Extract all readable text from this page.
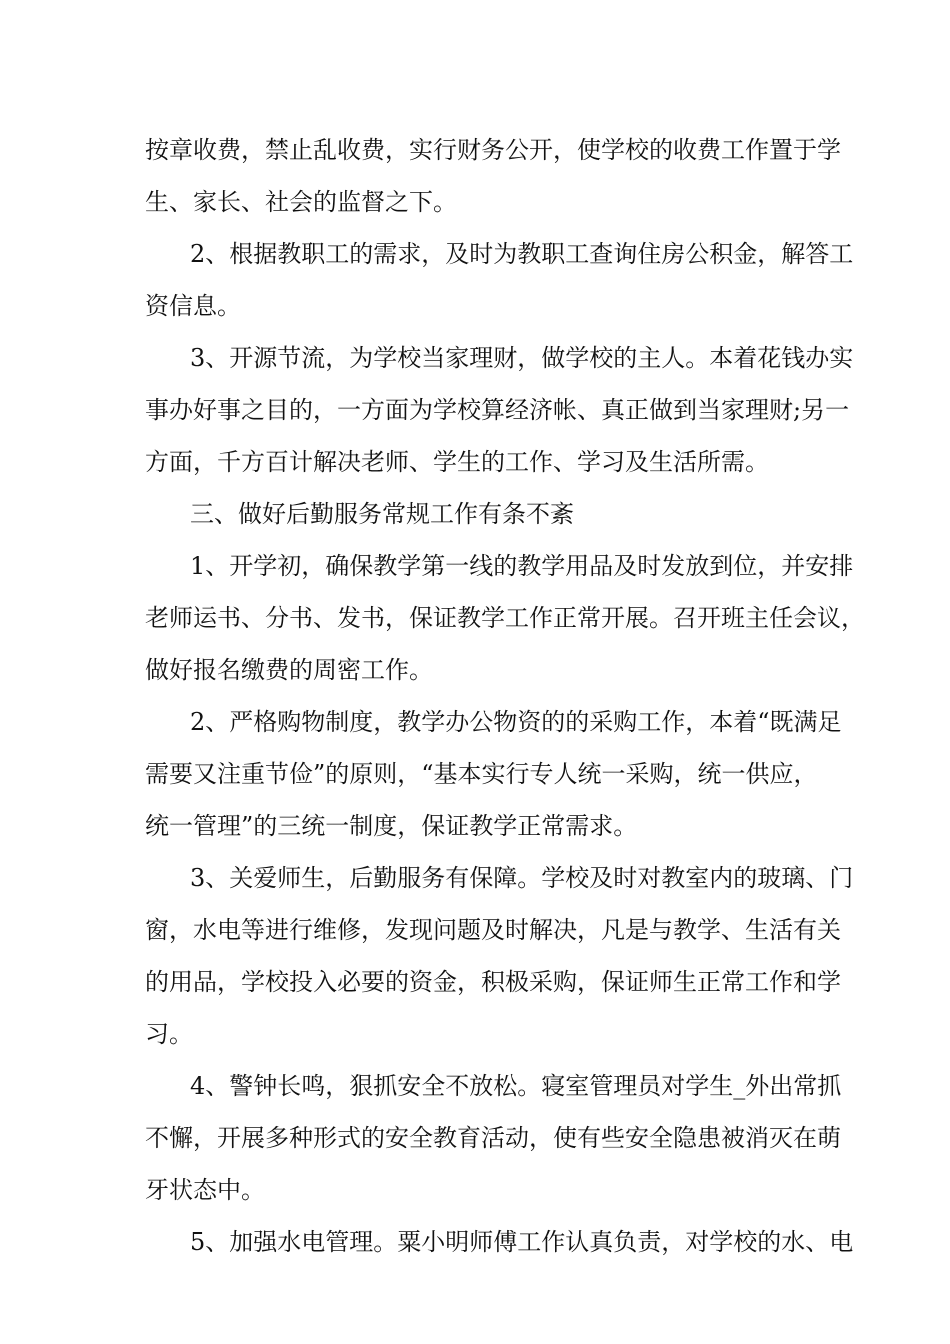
按章收费，禁止乱收费，实行财务公开，使学校的收费工作置于学
生、家长、社会的监督之下。
2、根据教职工的需求，及时为教职工查询住房公积金，解答工
资信息。
3、开源节流，为学校当家理财，做学校的主人。本着花钱办实
事办好事之目的，一方面为学校算经济帐、真正做到当家理财;另一
方面，千方百计解决老师、学生的工作、学习及生活所需。
三、做好后勤服务常规工作有条不紊
1、开学初，确保教学第一线的教学用品及时发放到位，并安排
老师运书、分书、发书，保证教学工作正常开展。召开班主任会议，
做好报名缴费的周密工作。
2、严格购物制度，教学办公物资的的采购工作，本着“既满足
需要又注重节俭”的原则，“基本实行专人统一采购，统一供应，
统一管理”的三统一制度，保证教学正常需求。
3、关爱师生，后勤服务有保障。学校及时对教室内的玻璃、门
窗，水电等进行维修，发现问题及时解决，凡是与教学、生活有关
的用品，学校投入必要的资金，积极采购，保证师生正常工作和学
习。
4、警钟长鸣，狠抓安全不放松。寝室管理员对学生_外出常抓
不懈，开展多种形式的安全教育活动，使有些安全隐患被消灭在萌
牙状态中。
5、加强水电管理。粟小明师傅工作认真负责，对学校的水、电
